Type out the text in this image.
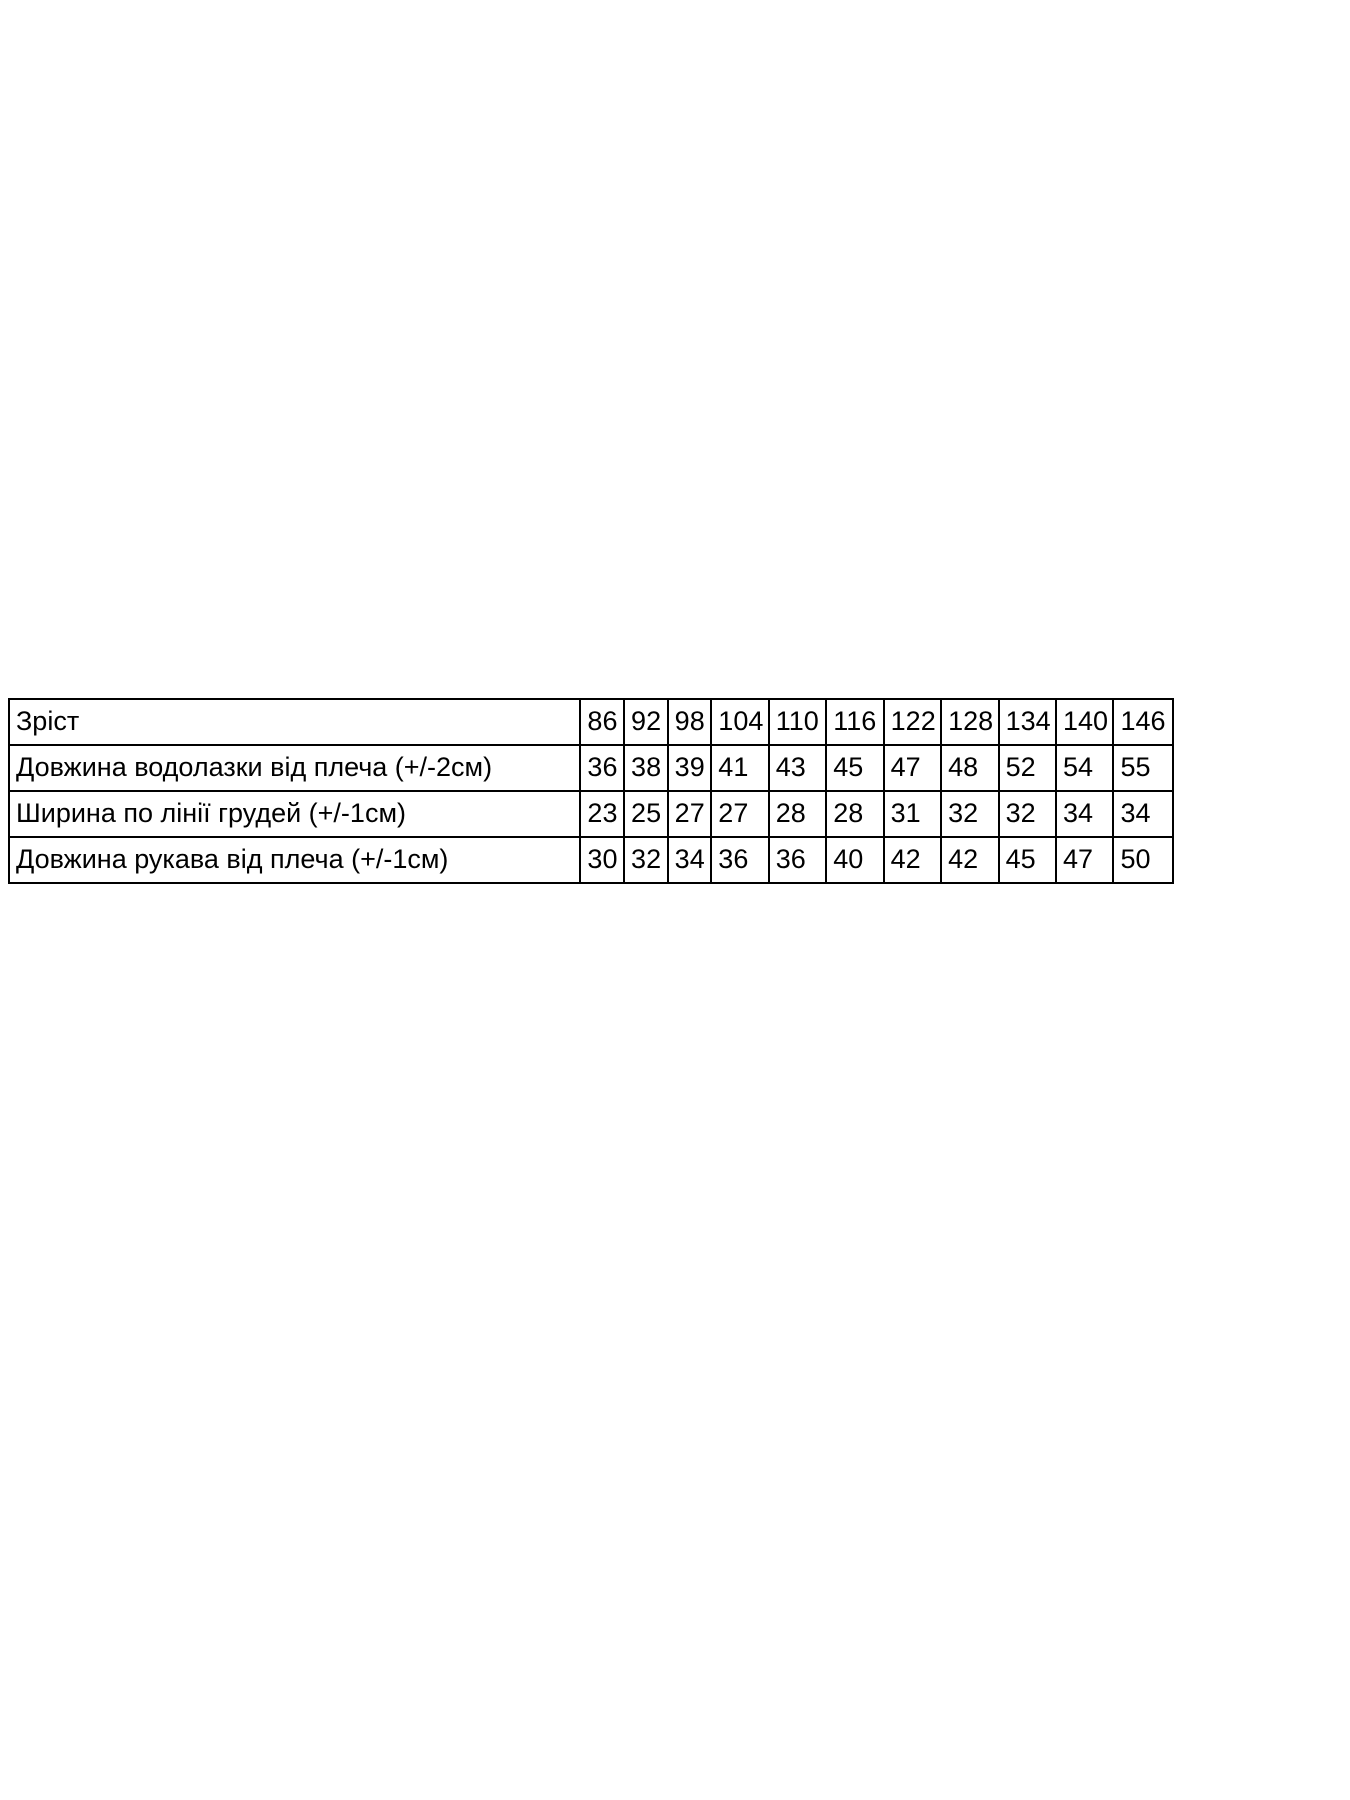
Зріст	86	92	98	104	110	116	122	128	134	140	146
Довжина водолазки від плеча (+/-2см)	36	38	39	41	43	45	47	48	52	54	55
Ширина по лінії грудей (+/-1см)	23	25	27	27	28	28	31	32	32	34	34
Довжина рукава від плеча (+/-1см)	30	32	34	36	36	40	42	42	45	47	50
